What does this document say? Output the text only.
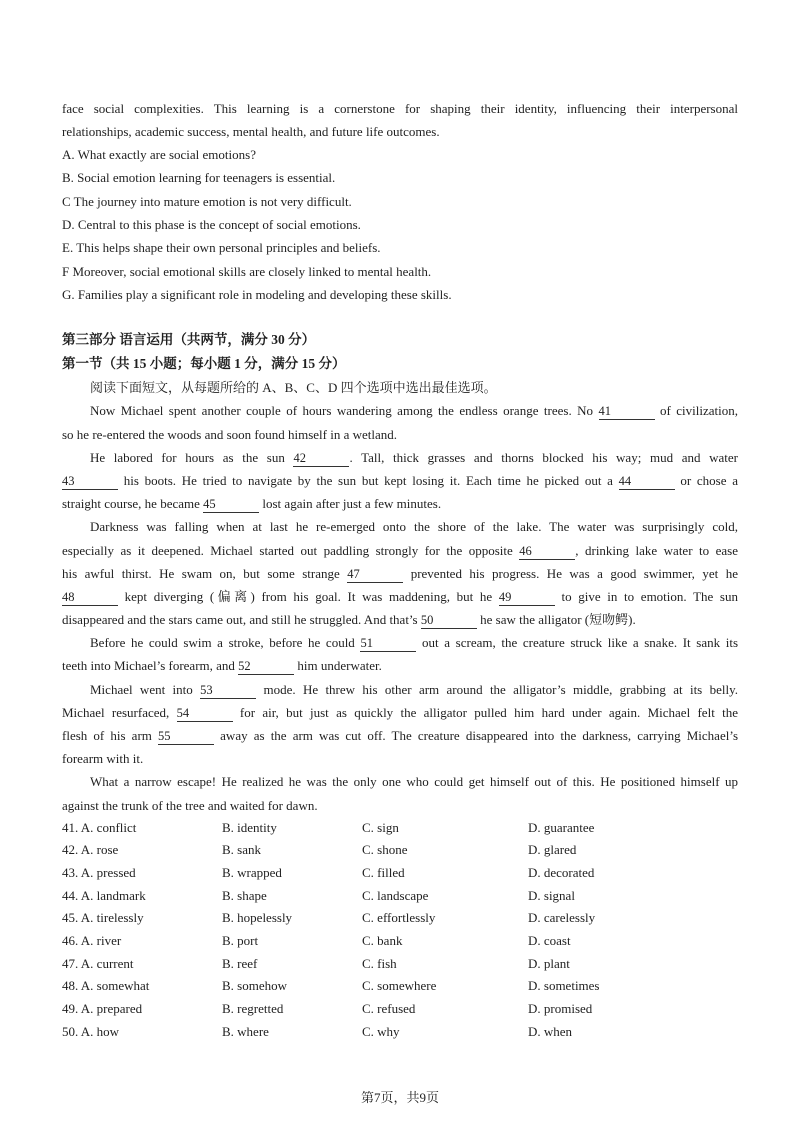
face social complexities. This learning is a cornerstone for shaping their identity, influencing their interpersonal
relationships, academic success, mental health, and future life outcomes.
A. What exactly are social emotions?
B. Social emotion learning for teenagers is essential.
C The journey into mature emotion is not very difficult.
D. Central to this phase is the concept of social emotions.
E. This helps shape their own personal principles and beliefs.
F Moreover, social emotional skills are closely linked to mental health.
G. Families play a significant role in modeling and developing these skills.
第三部分 语言运用（共两节，满分 30 分）
第一节（共 15 小题；每小题 1 分，满分 15 分）
阅读下面短文，从每题所给的 A、B、C、D 四个选项中选出最佳选项。
Now Michael spent another couple of hours wandering among the endless orange trees. No 41	of civilization,
so he re-entered the woods and soon found himself in a wetland.
He labored for hours as the sun 42	. Tall, thick grasses and thorns blocked his way; mud and water
43	his boots. He tried to navigate by the sun but kept losing it. Each time he picked out a 44	or chose a
straight course, he became 45	lost again after just a few minutes.
Darkness was falling when at last he re-emerged onto the shore of the lake. The water was surprisingly cold,
especially as it deepened. Michael started out paddling strongly for the opposite 46	, drinking lake water to ease
his awful thirst. He swam on, but some strange 47	prevented his progress. He was a good swimmer, yet he
48	kept diverging (偏离) from his goal. It was maddening, but he 49	to give in to emotion. The sun
disappeared and the stars came out, and still he struggled. And that’s 50	he saw the alligator (短吻鳄).
Before he could swim a stroke, before he could 51	out a scream, the creature struck like a snake. It sank its
teeth into Michael’s forearm, and 52	him underwater.
Michael went into 53	mode. He threw his other arm around the alligator’s middle, grabbing at its belly.
Michael resurfaced, 54	for air, but just as quickly the alligator pulled him hard under again. Michael felt the
flesh of his arm 55	away as the arm was cut off. The creature disappeared into the darkness, carrying Michael’s
forearm with it.
What a narrow escape! He realized he was the only one who could get himself out of this. He positioned himself up
against the trunk of the tree and waited for dawn.
41. A. conflict	B. identity	C. sign	D. guarantee
42. A. rose	B. sank	C. shone	D. glared
43. A. pressed	B. wrapped	C. filled	D. decorated
44. A. landmark	B. shape	C. landscape	D. signal
45. A. tirelessly	B. hopelessly	C. effortlessly	D. carelessly
46. A. river	B. port	C. bank	D. coast
47. A. current	B. reef	C. fish	D. plant
48. A. somewhat	B. somehow	C. somewhere	D. sometimes
49. A. prepared	B. regretted	C. refused	D. promised
50. A. how	B. where	C. why	D. when
第7页，共9页
